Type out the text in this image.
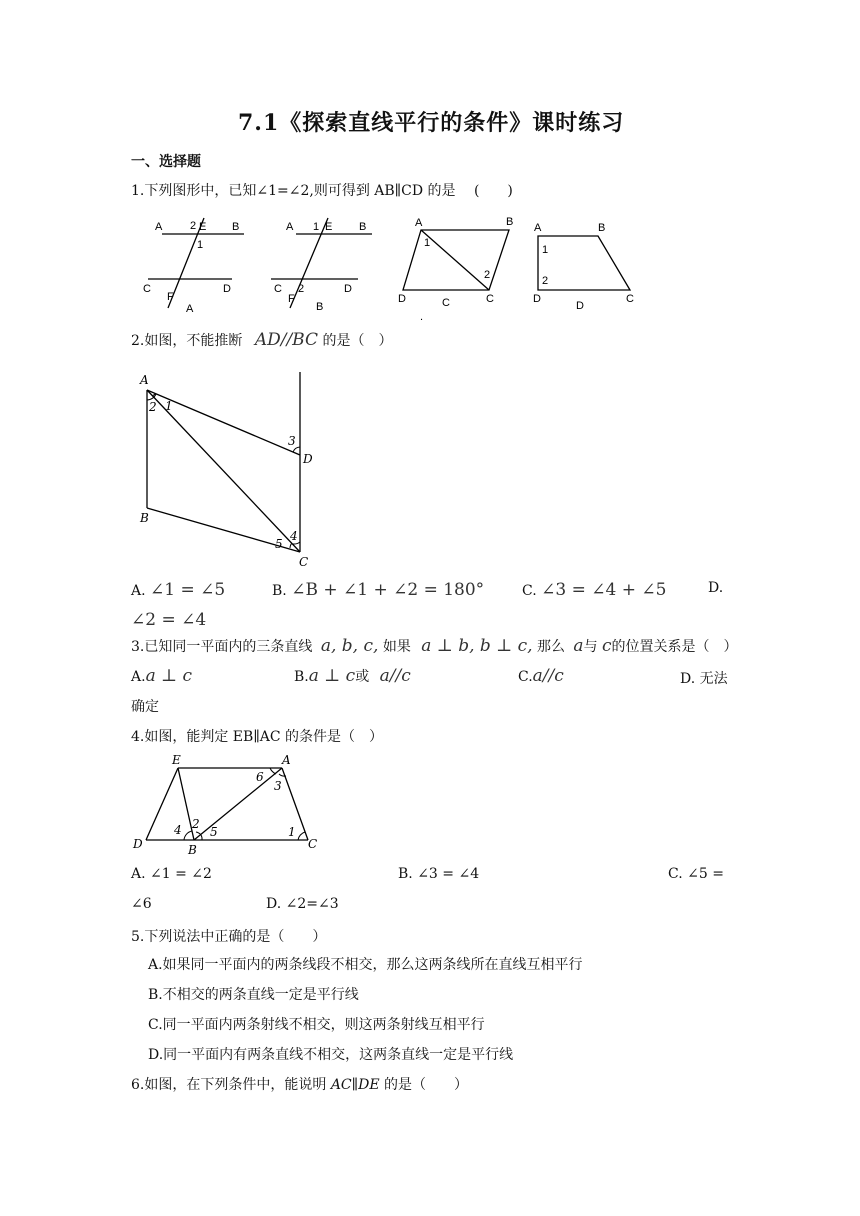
7.1《探索直线平行的条件》课时练习
一、选择题
1.下列图形中，已知∠1=∠2,则可得到 AB∥CD 的是 (　　)
A	2 E B
1
C
F
D
A
A 1 E B
C 2
F
D
B
A	B
1
2
D	C
C
.
A	B
1
2
D
D
C
2.如图，不能推断 AD//BC 的是（　）
A
2 1
3
D
B
5
4
C
A. ∠1 = ∠5	B. ∠B + ∠1 + ∠2 = 180°	C. ∠3 = ∠4 + ∠5	D.
∠2 = ∠4
3.已知同一平面内的三条直线 a, b, c, 如果 a ⊥ b, b ⊥ c, 那么 a与 c的位置关系是（　）
A.a ⊥ c	B.a ⊥ c或 a//c	C.a//c	D. 无法
确定
4.如图，能判定 EB∥AC 的条件是（　）
E	A
6
3
4 2
5	1
D	B	C
A. ∠1 = ∠2	B. ∠3 = ∠4	C. ∠5 =
∠6	D. ∠2=∠3
5.下列说法中正确的是（　　）
A.如果同一平面内的两条线段不相交，那么这两条线所在直线互相平行
B.不相交的两条直线一定是平行线
C.同一平面内两条射线不相交，则这两条射线互相平行
D.同一平面内有两条直线不相交，这两条直线一定是平行线
6.如图，在下列条件中，能说明 AC∥DE 的是（　　）
